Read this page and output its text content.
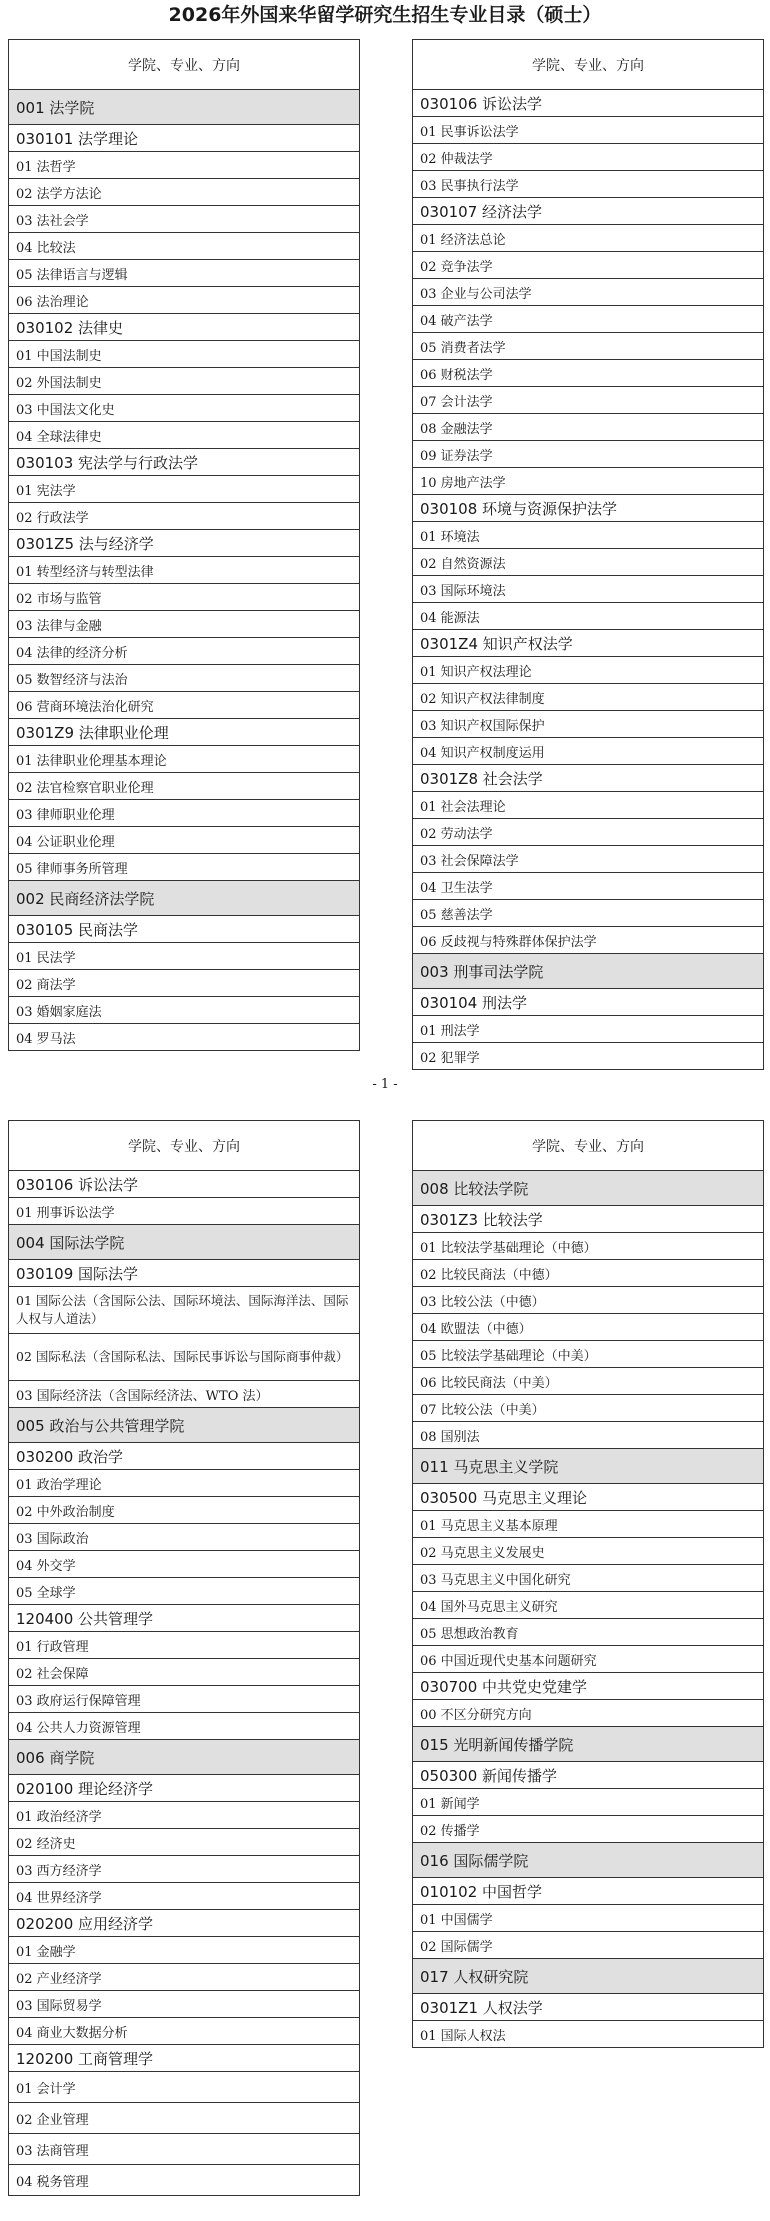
2026年外国来华留学研究生招生专业目录（硕士）
学院、专业、方向
001 法学院
030101 法学理论
01 法哲学
02 法学方法论
03 法社会学
04 比较法
05 法律语言与逻辑
06 法治理论
030102 法律史
01 中国法制史
02 外国法制史
03 中国法文化史
04 全球法律史
030103 宪法学与行政法学
01 宪法学
02 行政法学
0301Z5 法与经济学
01 转型经济与转型法律
02 市场与监管
03 法律与金融
04 法律的经济分析
05 数智经济与法治
06 营商环境法治化研究
0301Z9 法律职业伦理
01 法律职业伦理基本理论
02 法官检察官职业伦理
03 律师职业伦理
04 公证职业伦理
05 律师事务所管理
002 民商经济法学院
030105 民商法学
01 民法学
02 商法学
03 婚姻家庭法
04 罗马法
学院、专业、方向
030106 诉讼法学
01 民事诉讼法学
02 仲裁法学
03 民事执行法学
030107 经济法学
01 经济法总论
02 竞争法学
03 企业与公司法学
04 破产法学
05 消费者法学
06 财税法学
07 会计法学
08 金融法学
09 证券法学
10 房地产法学
030108 环境与资源保护法学
01 环境法
02 自然资源法
03 国际环境法
04 能源法
0301Z4 知识产权法学
01 知识产权法理论
02 知识产权法律制度
03 知识产权国际保护
04 知识产权制度运用
0301Z8 社会法学
01 社会法理论
02 劳动法学
03 社会保障法学
04 卫生法学
05 慈善法学
06 反歧视与特殊群体保护法学
003 刑事司法学院
030104 刑法学
01 刑法学
02 犯罪学
- 1 -
学院、专业、方向
030106 诉讼法学
01 刑事诉讼法学
004 国际法学院
030109 国际法学
01 国际公法（含国际公法、国际环境法、国际海洋法、国际人权与人道法）
02 国际私法（含国际私法、国际民事诉讼与国际商事仲裁）
03 国际经济法（含国际经济法、WTO 法）
005 政治与公共管理学院
030200 政治学
01 政治学理论
02 中外政治制度
03 国际政治
04 外交学
05 全球学
120400 公共管理学
01 行政管理
02 社会保障
03 政府运行保障管理
04 公共人力资源管理
006 商学院
020100 理论经济学
01 政治经济学
02 经济史
03 西方经济学
04 世界经济学
020200 应用经济学
01 金融学
02 产业经济学
03 国际贸易学
04 商业大数据分析
120200 工商管理学
01 会计学
02 企业管理
03 法商管理
04 税务管理
学院、专业、方向
008 比较法学院
0301Z3 比较法学
01 比较法学基础理论（中德）
02 比较民商法（中德）
03 比较公法（中德）
04 欧盟法（中德）
05 比较法学基础理论（中美）
06 比较民商法（中美）
07 比较公法（中美）
08 国别法
011 马克思主义学院
030500 马克思主义理论
01 马克思主义基本原理
02 马克思主义发展史
03 马克思主义中国化研究
04 国外马克思主义研究
05 思想政治教育
06 中国近现代史基本问题研究
030700 中共党史党建学
00 不区分研究方向
015 光明新闻传播学院
050300 新闻传播学
01 新闻学
02 传播学
016 国际儒学院
010102 中国哲学
01 中国儒学
02 国际儒学
017 人权研究院
0301Z1 人权法学
01 国际人权法
